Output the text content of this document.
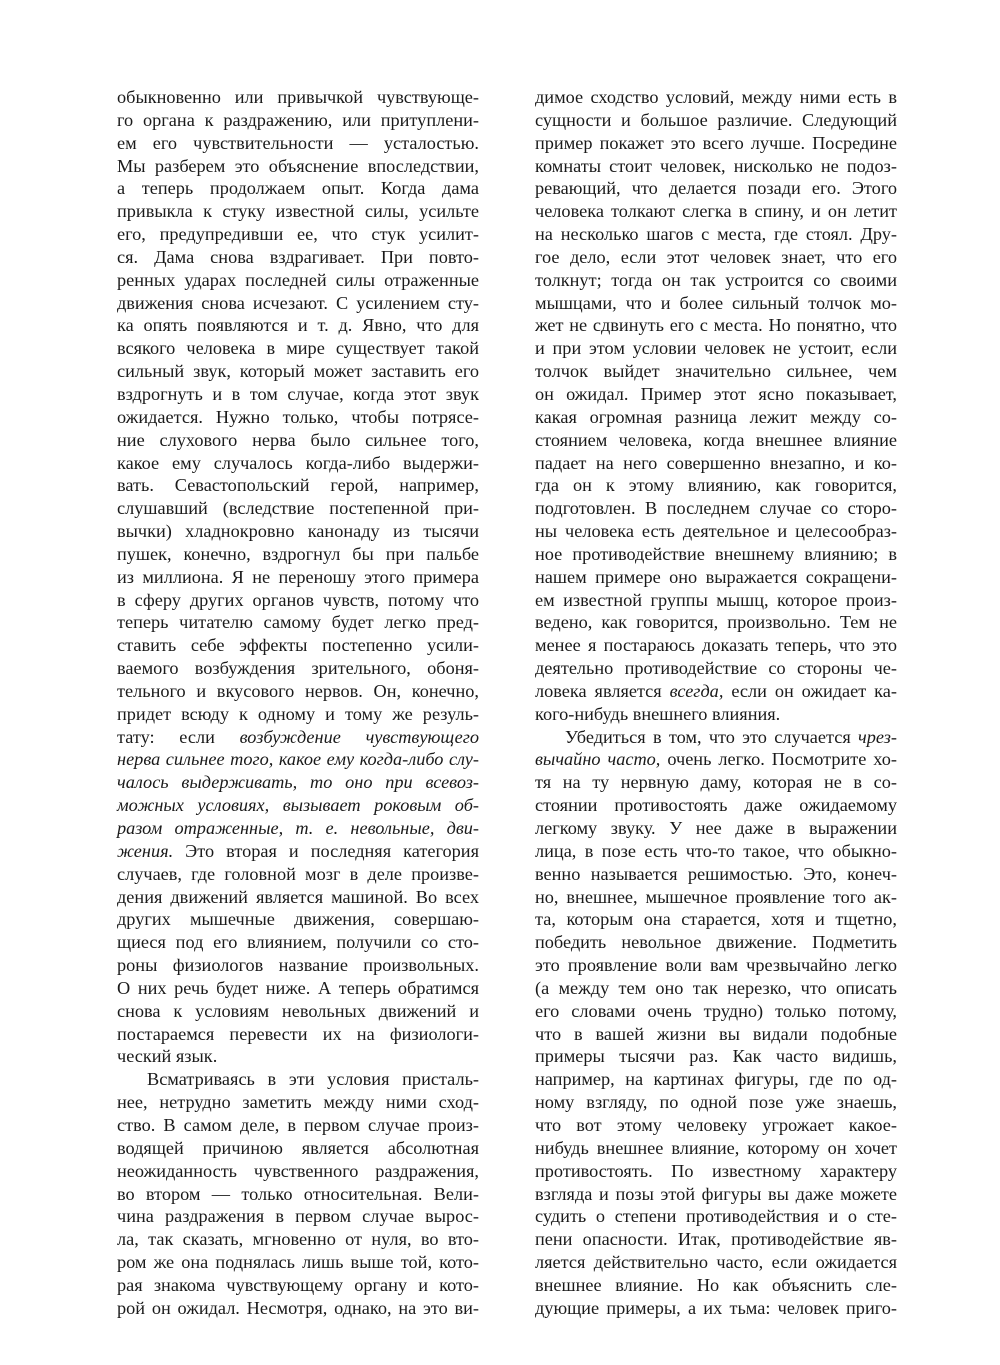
обыкновенно или привычкой чувствующе-
го органа к раздражению, или притуплени-
ем его чувствительности — усталостью.
Мы разберем это объяснение впоследствии,
а теперь продолжаем опыт. Когда дама
привыкла к стуку известной силы, усильте
его, предупредивши ее, что стук усилит-
ся. Дама снова вздрагивает. При повто-
ренных ударах последней силы отраженные
движения снова исчезают. С усилением сту-
ка опять появляются и т. д. Явно, что для
всякого человека в мире существует такой
сильный звук, который может заставить его
вздрогнуть и в том случае, когда этот звук
ожидается. Нужно только, чтобы потрясе-
ние слухового нерва было сильнее того,
какое ему случалось когда-либо выдержи-
вать. Севастопольский герой, например,
слушавший (вследствие постепенной при-
вычки) хладнокровно канонаду из тысячи
пушек, конечно, вздрогнул бы при пальбе
из миллиона. Я не переношу этого примера
в сферу других органов чувств, потому что
теперь читателю самому будет легко пред-
ставить себе эффекты постепенно усили-
ваемого возбуждения зрительного, обоня-
тельного и вкусового нервов. Он, конечно,
придет всюду к одному и тому же резуль-
тату: если возбуждение чувствующего
нерва сильнее того, какое ему когда-либо слу-
чалось выдерживать, то оно при всевоз-
можных условиях, вызывает роковым об-
разом отраженные, т. е. невольные, дви-
жения. Это вторая и последняя категория
случаев, где головной мозг в деле произве-
дения движений является машиной. Во всех
других мышечные движения, совершаю-
щиеся под его влиянием, получили со сто-
роны физиологов название произвольных.
О них речь будет ниже. А теперь обратимся
снова к условиям невольных движений и
постараемся перевести их на физиологи-
ческий язык.
Всматриваясь в эти условия присталь-
нее, нетрудно заметить между ними сход-
ство. В самом деле, в первом случае произ-
водящей причиною является абсолютная
неожиданность чувственного раздражения,
во втором — только относительная. Вели-
чина раздражения в первом случае вырос-
ла, так сказать, мгновенно от нуля, во вто-
ром же она поднялась лишь выше той, кото-
рая знакома чувствующему органу и кото-
рой он ожидал. Несмотря, однако, на это ви-
димое сходство условий, между ними есть в
сущности и большое различие. Следующий
пример покажет это всего лучше. Посредине
комнаты стоит человек, нисколько не подоз-
ревающий, что делается позади его. Этого
человека толкают слегка в спину, и он летит
на несколько шагов с места, где стоял. Дру-
гое дело, если этот человек знает, что его
толкнут; тогда он так устроится со своими
мышцами, что и более сильный толчок мо-
жет не сдвинуть его с места. Но понятно, что
и при этом условии человек не устоит, если
толчок выйдет значительно сильнее, чем
он ожидал. Пример этот ясно показывает,
какая огромная разница лежит между со-
стоянием человека, когда внешнее влияние
падает на него совершенно внезапно, и ко-
гда он к этому влиянию, как говорится,
подготовлен. В последнем случае со сторо-
ны человека есть деятельное и целесообраз-
ное противодействие внешнему влиянию; в
нашем примере оно выражается сокращени-
ем известной группы мышц, которое произ-
ведено, как говорится, произвольно. Тем не
менее я постараюсь доказать теперь, что это
деятельно противодействие со стороны че-
ловека является всегда, если он ожидает ка-
кого-нибудь внешнего влияния.
Убедиться в том, что это случается чрез-
вычайно часто, очень легко. Посмотрите хо-
тя на ту нервную даму, которая не в со-
стоянии противостоять даже ожидаемому
легкому звуку. У нее даже в выражении
лица, в позе есть что-то такое, что обыкно-
венно называется решимостью. Это, конеч-
но, внешнее, мышечное проявление того ак-
та, которым она старается, хотя и тщетно,
победить невольное движение. Подметить
это проявление воли вам чрезвычайно легко
(а между тем оно так нерезко, что описать
его словами очень трудно) только потому,
что в вашей жизни вы видали подобные
примеры тысячи раз. Как часто видишь,
например, на картинах фигуры, где по од-
ному взгляду, по одной позе уже знаешь,
что вот этому человеку угрожает какое-
нибудь внешнее влияние, которому он хочет
противостоять. По известному характеру
взгляда и позы этой фигуры вы даже можете
судить о степени противодействия и о сте-
пени опасности. Итак, противодействие яв-
ляется действительно часто, если ожидается
внешнее влияние. Но как объяснить сле-
дующие примеры, а их тьма: человек приго-
